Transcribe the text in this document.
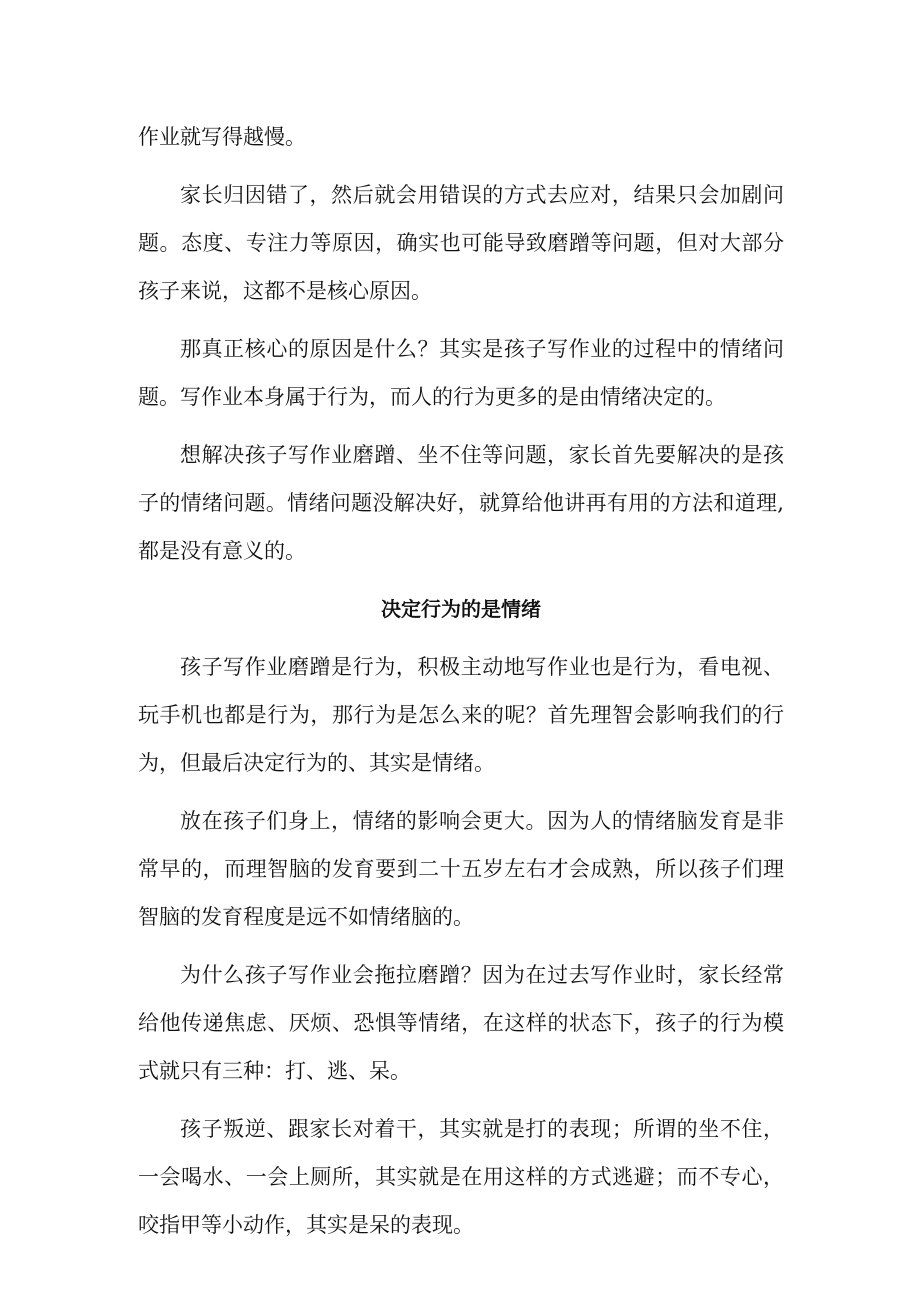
作业就写得越慢。

家长归因错了，然后就会用错误的方式去应对，结果只会加剧问题。态度、专注力等原因，确实也可能导致磨蹭等问题，但对大部分孩子来说，这都不是核心原因。

那真正核心的原因是什么？其实是孩子写作业的过程中的情绪问题。写作业本身属于行为，而人的行为更多的是由情绪决定的。

想解决孩子写作业磨蹭、坐不住等问题，家长首先要解决的是孩子的情绪问题。情绪问题没解决好，就算给他讲再有用的方法和道理,都是没有意义的。

决定行为的是情绪

孩子写作业磨蹭是行为，积极主动地写作业也是行为，看电视、玩手机也都是行为，那行为是怎么来的呢？首先理智会影响我们的行为，但最后决定行为的、其实是情绪。

放在孩子们身上，情绪的影响会更大。因为人的情绪脑发育是非常早的，而理智脑的发育要到二十五岁左右才会成熟，所以孩子们理智脑的发育程度是远不如情绪脑的。

为什么孩子写作业会拖拉磨蹭？因为在过去写作业时，家长经常给他传递焦虑、厌烦、恐惧等情绪，在这样的状态下，孩子的行为模式就只有三种：打、逃、呆。

孩子叛逆、跟家长对着干，其实就是打的表现；所谓的坐不住，一会喝水、一会上厕所，其实就是在用这样的方式逃避；而不专心，咬指甲等小动作，其实是呆的表现。
